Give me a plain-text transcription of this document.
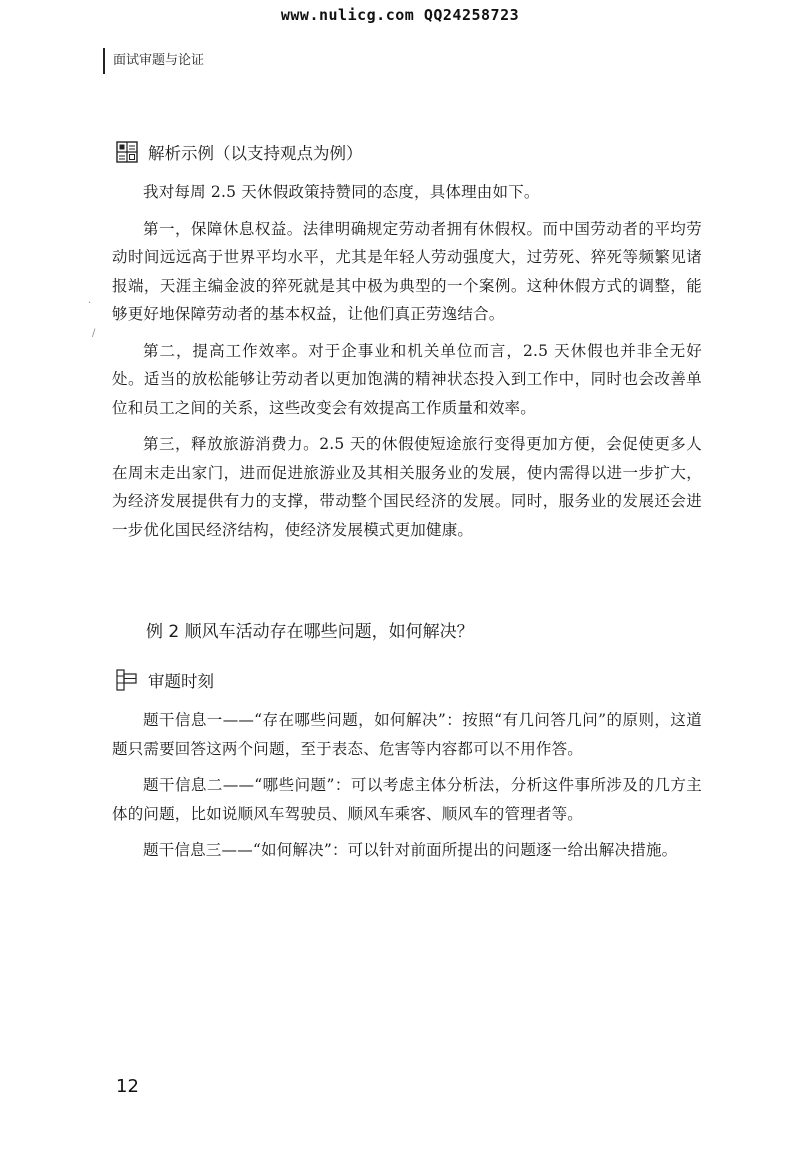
www.nulicg.com QQ24258723
面试审题与论证
解析示例（以支持观点为例）

我对每周 2.5 天休假政策持赞同的态度，具体理由如下。

第一，保障休息权益。法律明确规定劳动者拥有休假权。而中国劳动者的平均劳动时间远远高于世界平均水平，尤其是年轻人劳动强度大，过劳死、猝死等频繁见诸报端，天涯主编金波的猝死就是其中极为典型的一个案例。这种休假方式的调整，能够更好地保障劳动者的基本权益，让他们真正劳逸结合。

第二，提高工作效率。对于企事业和机关单位而言，2.5 天休假也并非全无好处。适当的放松能够让劳动者以更加饱满的精神状态投入到工作中，同时也会改善单位和员工之间的关系，这些改变会有效提高工作质量和效率。

第三，释放旅游消费力。2.5 天的休假使短途旅行变得更加方便，会促使更多人在周末走出家门，进而促进旅游业及其相关服务业的发展，使内需得以进一步扩大，为经济发展提供有力的支撑，带动整个国民经济的发展。同时，服务业的发展还会进一步优化国民经济结构，使经济发展模式更加健康。

·
/
例 2 顺风车活动存在哪些问题，如何解决？
审题时刻

题干信息一——“存在哪些问题，如何解决”：按照“有几问答几问”的原则，这道题只需要回答这两个问题，至于表态、危害等内容都可以不用作答。

题干信息二——“哪些问题”：可以考虑主体分析法，分析这件事所涉及的几方主体的问题，比如说顺风车驾驶员、顺风车乘客、顺风车的管理者等。

题干信息三——“如何解决”：可以针对前面所提出的问题逐一给出解决措施。

12
